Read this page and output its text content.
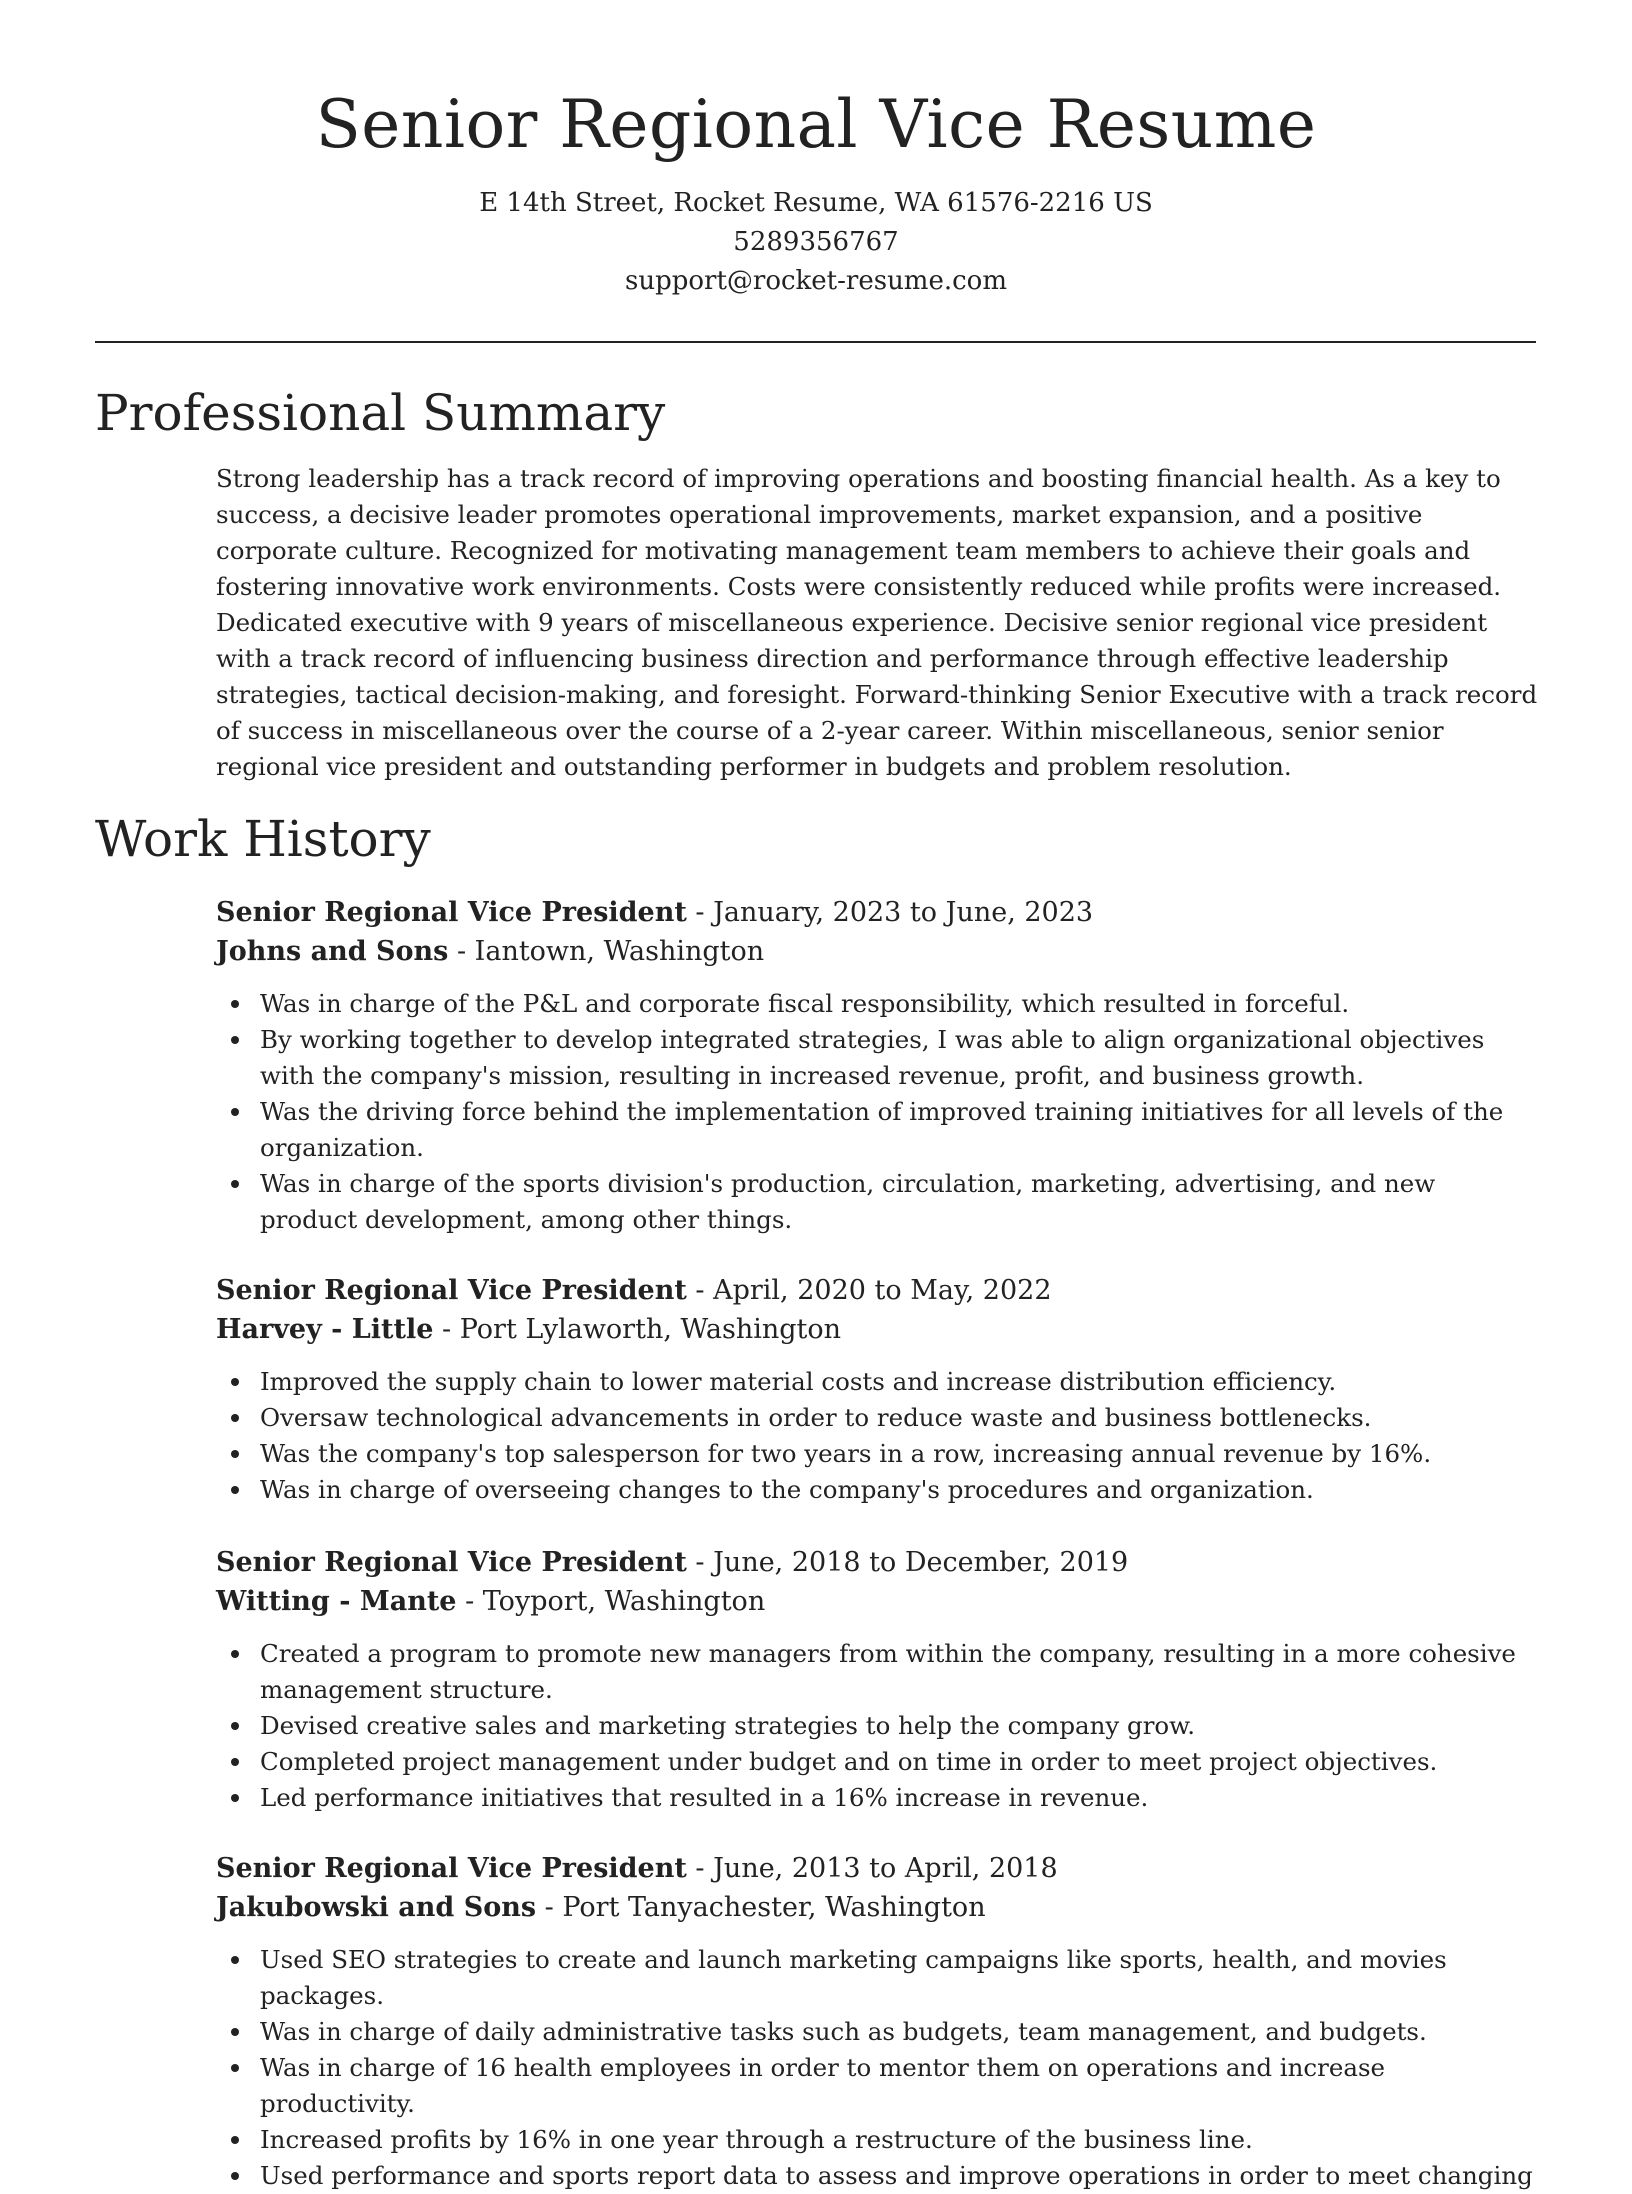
Senior Regional Vice Resume
E 14th Street, Rocket Resume, WA 61576-2216 US
5289356767
support@rocket-resume.com
Professional Summary

Strong leadership has a track record of improving operations and boosting financial health. As a key to success, a decisive leader promotes operational improvements, market expansion, and a positive corporate culture. Recognized for motivating management team members to achieve their goals and fostering innovative work environments. Costs were consistently reduced while profits were increased. Dedicated executive with 9 years of miscellaneous experience. Decisive senior regional vice president with a track record of influencing business direction and performance through effective leadership strategies, tactical decision-making, and foresight. Forward-thinking Senior Executive with a track record of success in miscellaneous over the course of a 2-year career. Within miscellaneous, senior senior regional vice president and outstanding performer in budgets and problem resolution.

Work History
Senior Regional Vice President - January, 2023 to June, 2023
Johns and Sons - Iantown, Washington
Was in charge of the P&L and corporate fiscal responsibility, which resulted in forceful.
By working together to develop integrated strategies, I was able to align organizational objectives with the company's mission, resulting in increased revenue, profit, and business growth.
Was the driving force behind the implementation of improved training initiatives for all levels of the organization.
Was in charge of the sports division's production, circulation, marketing, advertising, and new product development, among other things.
Senior Regional Vice President - April, 2020 to May, 2022
Harvey - Little - Port Lylaworth, Washington
Improved the supply chain to lower material costs and increase distribution efficiency.
Oversaw technological advancements in order to reduce waste and business bottlenecks.
Was the company's top salesperson for two years in a row, increasing annual revenue by 16%.
Was in charge of overseeing changes to the company's procedures and organization.
Senior Regional Vice President - June, 2018 to December, 2019
Witting - Mante - Toyport, Washington
Created a program to promote new managers from within the company, resulting in a more cohesive management structure.
Devised creative sales and marketing strategies to help the company grow.
Completed project management under budget and on time in order to meet project objectives.
Led performance initiatives that resulted in a 16% increase in revenue.
Senior Regional Vice President - June, 2013 to April, 2018
Jakubowski and Sons - Port Tanyachester, Washington
Used SEO strategies to create and launch marketing campaigns like sports, health, and movies packages.
Was in charge of daily administrative tasks such as budgets, team management, and budgets.
Was in charge of 16 health employees in order to mentor them on operations and increase productivity.
Increased profits by 16% in one year through a restructure of the business line.
Used performance and sports report data to assess and improve operations in order to meet changing
